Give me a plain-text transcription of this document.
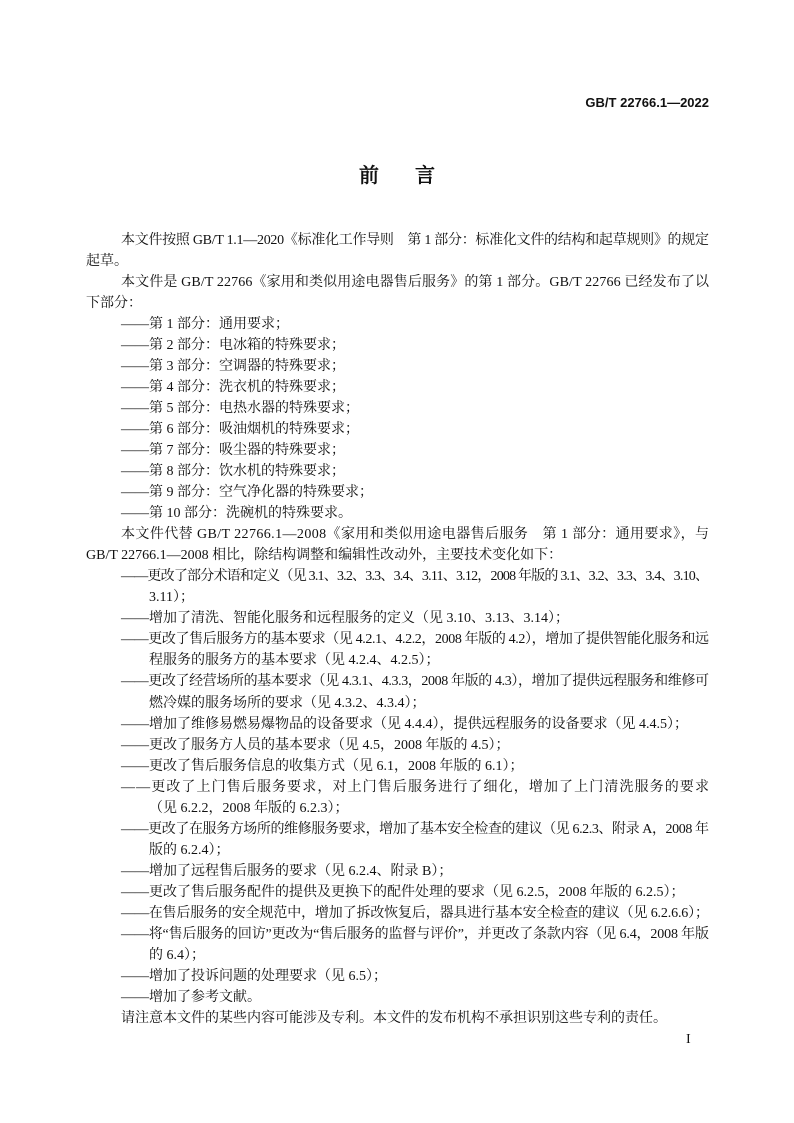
GB/T 22766.1—2022
前　言
本文件按照 GB/T 1.1—2020《标准化工作导则　第 1 部分：标准化文件的结构和起草规则》的规定
起草。
本文件是 GB/T 22766《家用和类似用途电器售后服务》的第 1 部分。GB/T 22766 已经发布了以
下部分：
——第 1 部分：通用要求；
——第 2 部分：电冰箱的特殊要求；
——第 3 部分：空调器的特殊要求；
——第 4 部分：洗衣机的特殊要求；
——第 5 部分：电热水器的特殊要求；
——第 6 部分：吸油烟机的特殊要求；
——第 7 部分：吸尘器的特殊要求；
——第 8 部分：饮水机的特殊要求；
——第 9 部分：空气净化器的特殊要求；
——第 10 部分：洗碗机的特殊要求。
本文件代替 GB/T 22766.1—2008《家用和类似用途电器售后服务　第 1 部分：通用要求》，与
GB/T 22766.1—2008 相比，除结构调整和编辑性改动外，主要技术变化如下：
——更改了部分术语和定义（见 3.1、3.2、3.3、3.4、3.11、3.12，2008 年版的 3.1、3.2、3.3、3.4、3.10、
3.11）；
——增加了清洗、智能化服务和远程服务的定义（见 3.10、3.13、3.14）；
——更改了售后服务方的基本要求（见 4.2.1、4.2.2，2008 年版的 4.2），增加了提供智能化服务和远
程服务的服务方的基本要求（见 4.2.4、4.2.5）；
——更改了经营场所的基本要求（见 4.3.1、4.3.3，2008 年版的 4.3），增加了提供远程服务和维修可
燃冷媒的服务场所的要求（见 4.3.2、4.3.4）；
——增加了维修易燃易爆物品的设备要求（见 4.4.4），提供远程服务的设备要求（见 4.4.5）；
——更改了服务方人员的基本要求（见 4.5，2008 年版的 4.5）；
——更改了售后服务信息的收集方式（见 6.1，2008 年版的 6.1）；
——更改了上门售后服务要求，对上门售后服务进行了细化，增加了上门清洗服务的要求
（见 6.2.2，2008 年版的 6.2.3）；
——更改了在服务方场所的维修服务要求，增加了基本安全检查的建议（见 6.2.3、附录 A，2008 年
版的 6.2.4）；
——增加了远程售后服务的要求（见 6.2.4、附录 B）；
——更改了售后服务配件的提供及更换下的配件处理的要求（见 6.2.5，2008 年版的 6.2.5）；
——在售后服务的安全规范中，增加了拆改恢复后，器具进行基本安全检查的建议（见 6.2.6.6）；
——将“售后服务的回访”更改为“售后服务的监督与评价”，并更改了条款内容（见 6.4，2008 年版
的 6.4）；
——增加了投诉问题的处理要求（见 6.5）；
——增加了参考文献。
请注意本文件的某些内容可能涉及专利。本文件的发布机构不承担识别这些专利的责任。
I
